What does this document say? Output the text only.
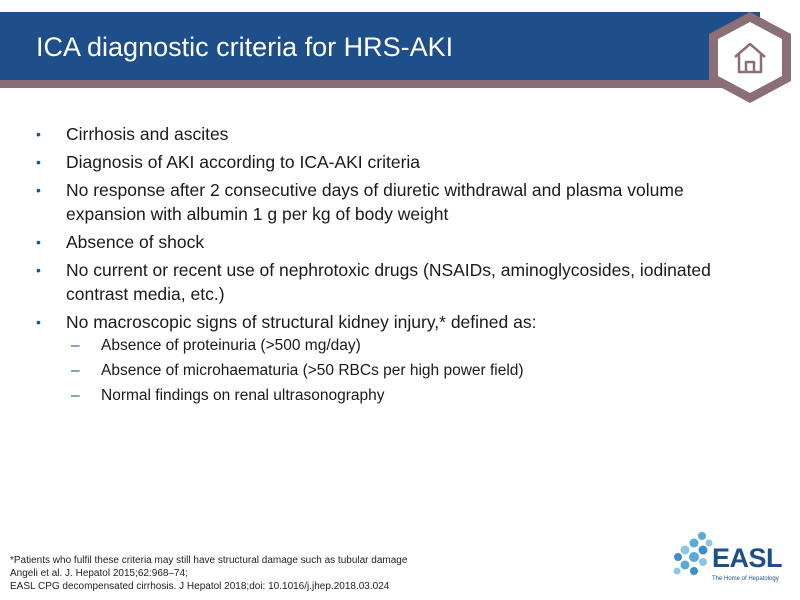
ICA diagnostic criteria for HRS-AKI
• Cirrhosis and ascites
• Diagnosis of AKI according to ICA-AKI criteria
• No response after 2 consecutive days of diuretic withdrawal and plasma volume expansion with albumin 1 g per kg of body weight
• Absence of shock
• No current or recent use of nephrotoxic drugs (NSAIDs, aminoglycosides, iodinated contrast media, etc.)
• No macroscopic signs of structural kidney injury,* defined as:
– Absence of proteinuria (>500 mg/day)
– Absence of microhaematuria (>50 RBCs per high power field)
– Normal findings on renal ultrasonography
*Patients who fulfil these criteria may still have structural damage such as tubular damage
Angeli et al. J. Hepatol 2015;62:968–74;
EASL CPG decompensated cirrhosis. J Hepatol 2018;doi: 10.1016/j.jhep.2018.03.024
EASL
The Home of Hepatology
